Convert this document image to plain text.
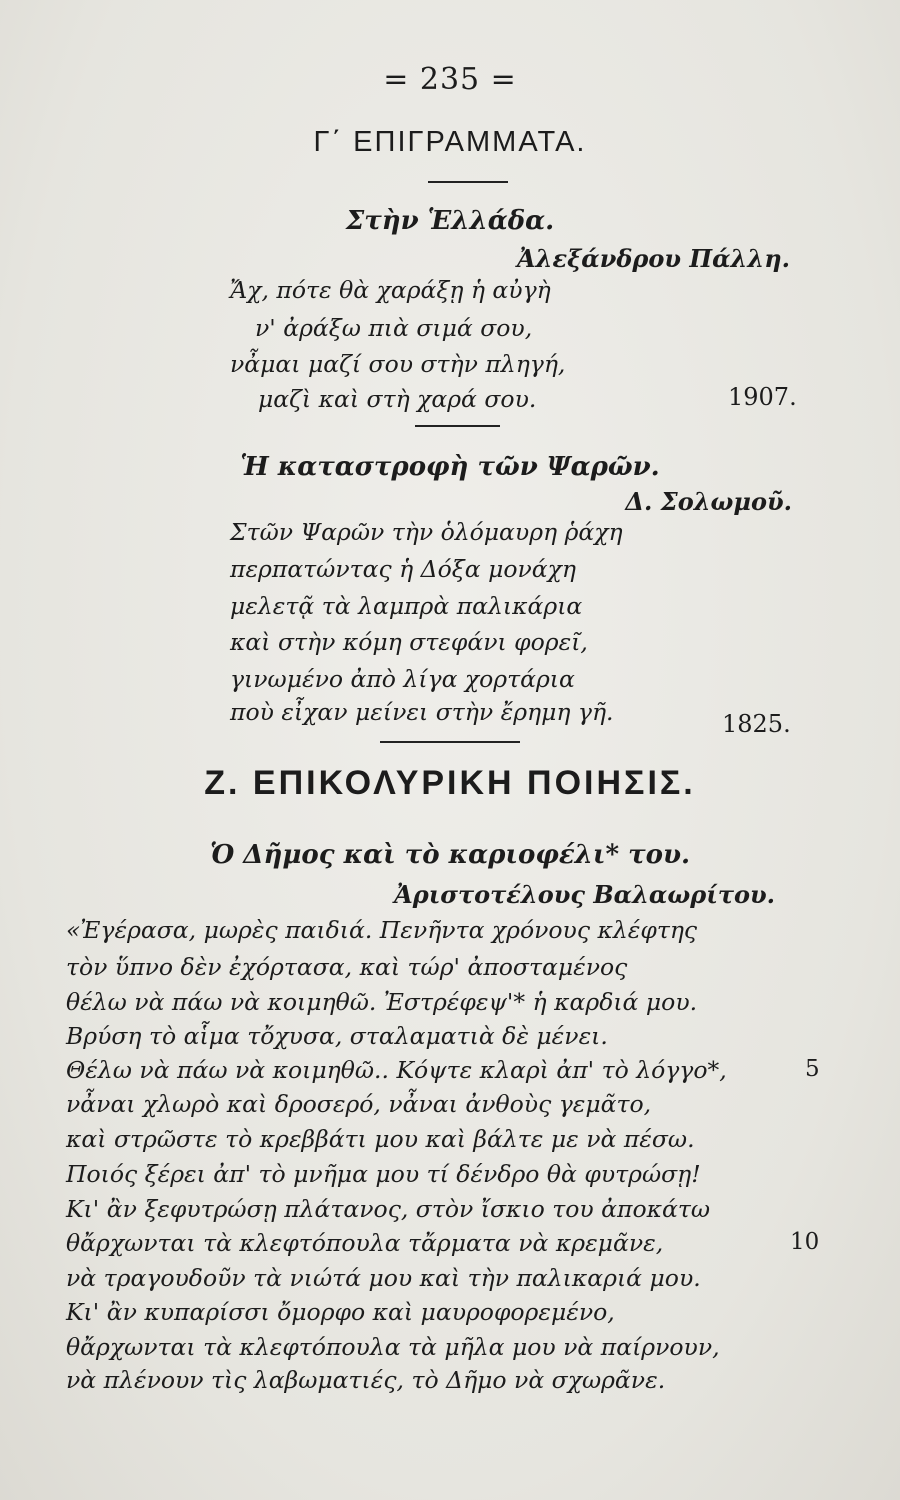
= 235 =
Γ΄ ΕΠΙΓΡΑΜΜΑΤΑ.
Στὴν Ἑλλάδα.
Ἀλεξάνδρου Πάλλη.
Ἄχ, πότε θὰ χαράξῃ ἡ αὐγὴ
ν' ἀράξω πιὰ σιμά σου,
νἆμαι μαζί σου στὴν πληγή,
μαζὶ καὶ στὴ χαρά σου.	1907.
Ἡ καταστροφὴ τῶν Ψαρῶν.
Δ. Σολωμοῦ.
Στῶν Ψαρῶν τὴν ὁλόμαυρη ῥάχη
περπατώντας ἡ Δόξα μονάχη
μελετᾷ τὰ λαμπρὰ παλικάρια
καὶ στὴν κόμη στεφάνι φορεῖ,
γινωμένο ἀπὸ λίγα χορτάρια
ποὺ εἶχαν μείνει στὴν ἔρημη γῆ.	1825.
Ζ. ΕΠΙΚΟΛΥΡΙΚΗ ΠΟΙΗΣΙΣ.
Ὁ Δῆμος καὶ τὸ καριοφέλι* του.
Ἀριστοτέλους Βαλαωρίτου.
«Ἐγέρασα, μωρὲς παιδιά. Πενῆντα χρόνους κλέφτης
τὸν ὕπνο δὲν ἐχόρτασα, καὶ τώρ' ἀποσταμένος
θέλω νὰ πάω νὰ κοιμηθῶ. Ἐστρέφεψ'* ἡ καρδιά μου.
Βρύση τὸ αἷμα τὄχυσα, σταλαματιὰ δὲ μένει.
Θέλω νὰ πάω νὰ κοιμηθῶ.. Κόψτε κλαρὶ ἀπ' τὸ λόγγο*,	5
νἆναι χλωρὸ καὶ δροσερό, νἆναι ἀνθοὺς γεμᾶτο,
καὶ στρῶστε τὸ κρεββάτι μου καὶ βάλτε με νὰ πέσω.
Ποιός ξέρει ἀπ' τὸ μνῆμα μου τί δένδρο θὰ φυτρώσῃ!
Κι' ἂν ξεφυτρώσῃ πλάτανος, στὸν ἴσκιο του ἀποκάτω
θἄρχωνται τὰ κλεφτόπουλα τἄρματα νὰ κρεμᾶνε,	10
νὰ τραγουδοῦν τὰ νιώτά μου καὶ τὴν παλικαριά μου.
Κι' ἂν κυπαρίσσι ὄμορφο καὶ μαυροφορεμένο,
θἄρχωνται τὰ κλεφτόπουλα τὰ μῆλα μου νὰ παίρνουν,
νὰ πλένουν τὶς λαβωματιές, τὸ Δῆμο νὰ σχωρᾶνε.
